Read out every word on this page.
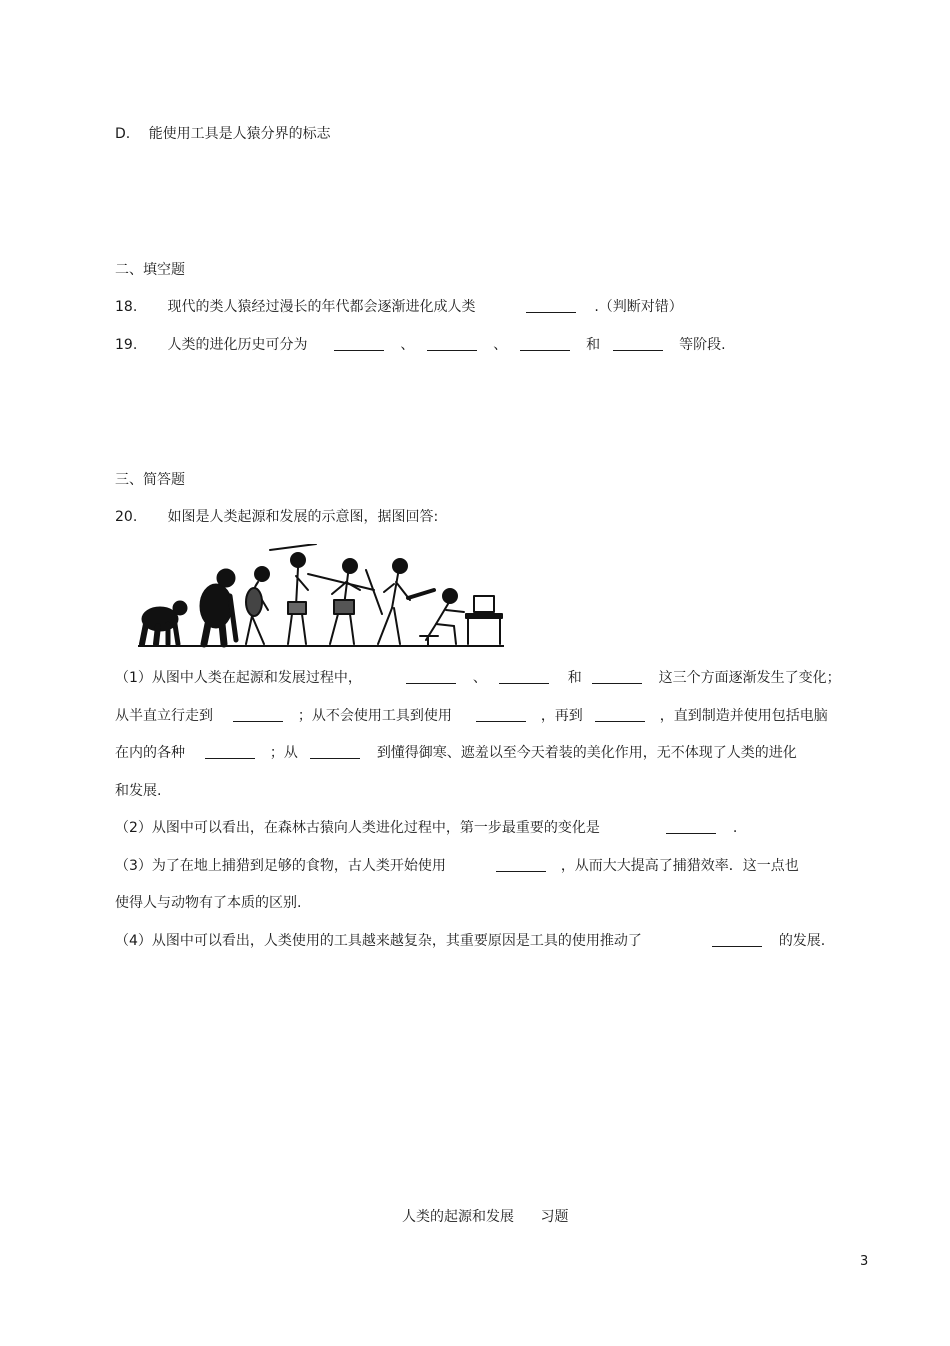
D. 能使用工具是人猿分界的标志
二、填空题
18. 现代的类人猿经过漫长的年代都会逐渐进化成人类	.（判断对错）
19. 人类的进化历史可分为	、	、	和	等阶段.
三、简答题
20. 如图是人类起源和发展的示意图，据图回答:
（1）从图中人类在起源和发展过程中，	、	和	这三个方面逐渐发生了变化；
从半直立行走到	；从不会使用工具到使用	，再到	，直到制造并使用包括电脑
在内的各种	；从	到懂得御寒、遮羞以至今天着装的美化作用，无不体现了人类的进化
和发展.
（2）从图中可以看出，在森林古猿向人类进化过程中，第一步最重要的变化是	.
（3）为了在地上捕猎到足够的食物，古人类开始使用	，从而大大提高了捕猎效率．这一点也
使得人与动物有了本质的区别.
（4）从图中可以看出，人类使用的工具越来越复杂，其重要原因是工具的使用推动了	的发展.
人类的起源和发展 习题
3
